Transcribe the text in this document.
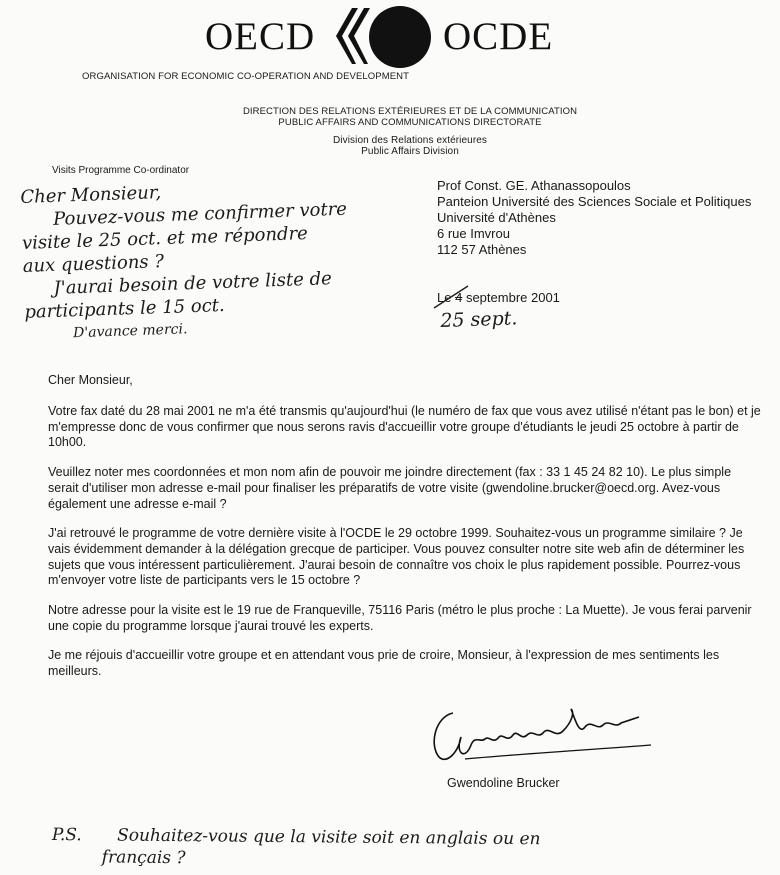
OECD	OCDE
ORGANISATION FOR ECONOMIC CO-OPERATION AND DEVELOPMENT
DIRECTION DES RELATIONS EXTÉRIEURES ET DE LA COMMUNICATION
PUBLIC AFFAIRS AND COMMUNICATIONS DIRECTORATE
Division des Relations extérieures
Public Affairs Division
Visits Programme Co-ordinator
Prof Const. GE. Athanassopoulos
Panteion Université des Sciences Sociale et Politiques
Université d'Athènes
6 rue Imvrou
112 57 Athènes
Le 4 septembre 2001
25 sept.
Cher Monsieur,
Pouvez-vous me confirmer votre
visite le 25 oct. et me répondre
aux questions ?
J'aurai besoin de votre liste de
participants le 15 oct.
D'avance merci.
Cher Monsieur,

Votre fax daté du 28 mai 2001 ne m'a été transmis qu'aujourd'hui (le numéro de fax que vous avez utilisé n'étant pas le bon) et je m'empresse donc de vous confirmer que nous serons ravis d'accueillir votre groupe d'étudiants le jeudi 25 octobre à partir de 10h00.

Veuillez noter mes coordonnées et mon nom afin de pouvoir me joindre directement (fax : 33 1 45 24 82 10). Le plus simple serait d'utiliser mon adresse e-mail pour finaliser les préparatifs de votre visite (gwendoline.brucker@oecd.org. Avez-vous également une adresse e-mail ?

J'ai retrouvé le programme de votre dernière visite à l'OCDE le 29 octobre 1999. Souhaitez-vous un programme similaire ? Je vais évidemment demander à la délégation grecque de participer. Vous pouvez consulter notre site web afin de déterminer les sujets que vous intéressent particulièrement. J'aurai besoin de connaître vos choix le plus rapidement possible. Pourrez-vous m'envoyer votre liste de participants vers le 15 octobre ?

Notre adresse pour la visite est le 19 rue de Franqueville, 75116 Paris (métro le plus proche : La Muette). Je vous ferai parvenir une copie du programme lorsque j'aurai trouvé les experts.

Je me réjouis d'accueillir votre groupe et en attendant vous prie de croire, Monsieur, à l'expression de mes sentiments les meilleurs.

Gwendoline Brucker
P.S. Souhaitez-vous que la visite soit en anglais ou en
français ?
